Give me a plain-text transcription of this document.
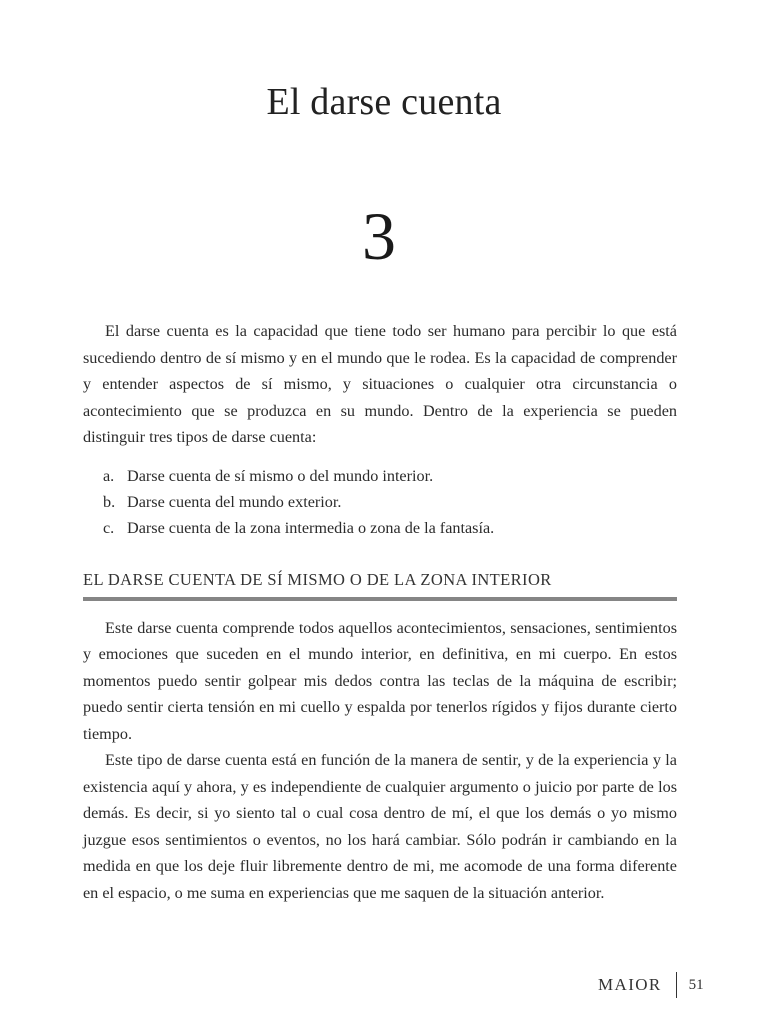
El darse cuenta
3

El darse cuenta es la capacidad que tiene todo ser humano para percibir lo que está sucediendo dentro de sí mismo y en el mundo que le rodea. Es la capacidad de comprender y entender aspectos de sí mismo, y situaciones o cualquier otra circunstancia o acontecimiento que se produzca en su mundo. Dentro de la experiencia se pueden distinguir tres tipos de darse cuenta:

a. Darse cuenta de sí mismo o del mundo interior.
b. Darse cuenta del mundo exterior.
c. Darse cuenta de la zona intermedia o zona de la fantasía.
EL DARSE CUENTA DE SÍ MISMO O DE LA ZONA INTERIOR

Este darse cuenta comprende todos aquellos acontecimientos, sensaciones, sentimientos y emociones que suceden en el mundo interior, en definitiva, en mi cuerpo. En estos momentos puedo sentir golpear mis dedos contra las teclas de la máquina de escribir; puedo sentir cierta tensión en mi cuello y espalda por tenerlos rígidos y fijos durante cierto tiempo.

Este tipo de darse cuenta está en función de la manera de sentir, y de la experiencia y la existencia aquí y ahora, y es independiente de cualquier argumento o juicio por parte de los demás. Es decir, si yo siento tal o cual cosa dentro de mí, el que los demás o yo mismo juzgue esos sentimientos o eventos, no los hará cambiar. Sólo podrán ir cambiando en la medida en que los deje fluir libremente dentro de mi, me acomode de una forma diferente en el espacio, o me suma en experiencias que me saquen de la situación anterior.

MAIOR 51
